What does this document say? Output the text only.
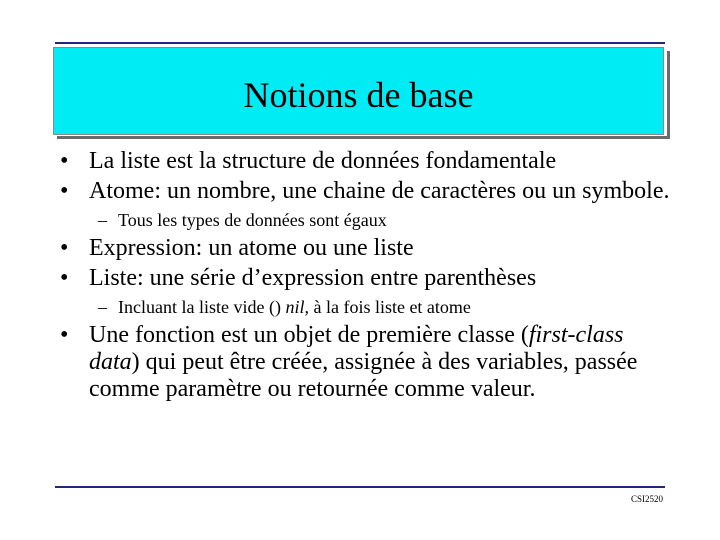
Notions de base
• La liste est la structure de données fondamentale
• Atome: un nombre, une chaine de caractères ou un symbole.
– Tous les types de données sont égaux
• Expression: un atome ou une liste
• Liste: une série d’expression entre parenthèses
– Incluant la liste vide () nil, à la fois liste et atome
• Une fonction est un objet de première classe (first-class data) qui peut être créée, assignée à des variables, passée comme paramètre ou retournée comme valeur.
CSI2520
